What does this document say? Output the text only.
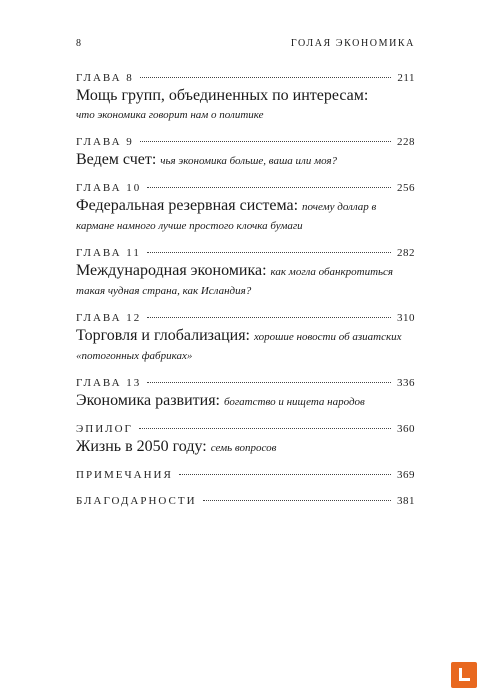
8	ГОЛАЯ ЭКОНОМИКА
ГЛАВА 8	211
Мощь групп, объединенных по интересам:
что экономика говорит нам о политике
ГЛАВА 9	228
Ведем счет: чья экономика больше, ваша или моя?
ГЛАВА 10	256
Федеральная резервная система: почему доллар в кармане намного лучше простого клочка бумаги
ГЛАВА 11	282
Международная экономика: как могла обанкротиться такая чудная страна, как Исландия?
ГЛАВА 12	310
Торговля и глобализация: хорошие новости об азиатских «потогонных фабриках»
ГЛАВА 13	336
Экономика развития: богатство и нищета народов
ЭПИЛОГ	360
Жизнь в 2050 году: семь вопросов
ПРИМЕЧАНИЯ	369
БЛАГОДАРНОСТИ	381
